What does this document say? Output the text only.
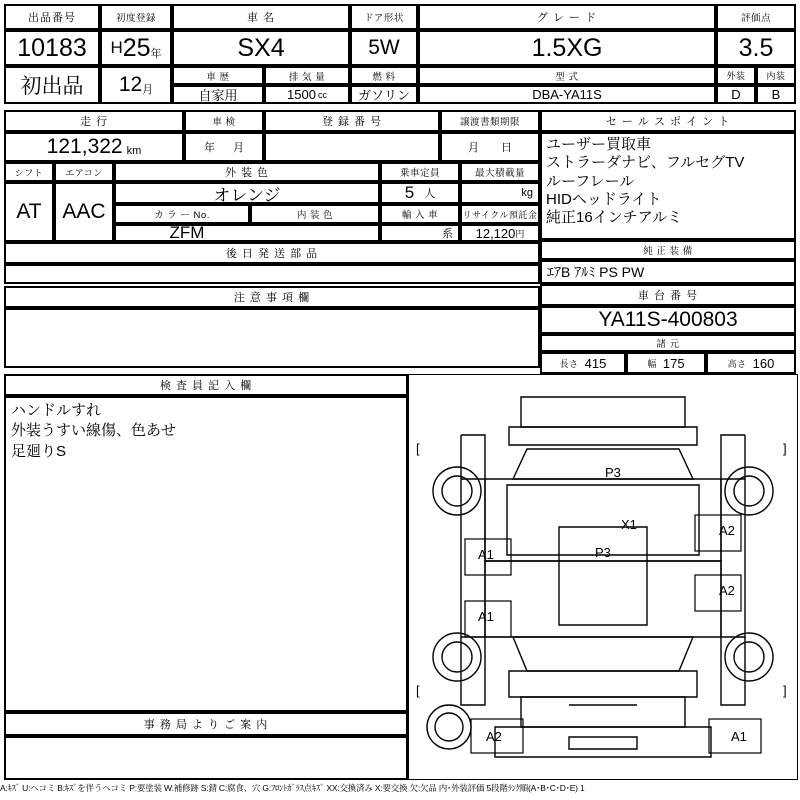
出品番号
10183
初出品
初度登録
H 25 年
12 月
車 名
SX4
ドア形状
5W
グ レ ー ド
1.5XG
評価点
3.5
車 歴
自家用
排 気 量
1500 cc
燃 料
ガソリン
型 式
DBA-YA11S
外装 内装
D B
走 行
121,322 km
車 検
年 月
登 録 番 号	譲渡書類期限
月 日
シフト エアコン
AT AAC
外 装 色
オレンジ
乗車定員
5 人
最大積載量
kg
カ ラ ー No.	内 装 色
ZFM
輸 入 車
系
リサイクル預託金
12,120 円
後 日 発 送 部 品
注 意 事 項 欄
セ ー ル ス ポ イ ン ト
ユーザー買取車
ストラーダナビ、フルセグTV
ルーフレール
HIDヘッドライト
純正16インチアルミ
純 正 装 備
ｴｱB ｱﾙﾐ PS PW
車 台 番 号
YA11S-400803
諸 元
長さ 415	幅 175	高さ 160
検 査 員 記 入 欄
ハンドルすれ
外装うすい線傷、色あせ
足廻りS
事 務 局 よ り ご 案 内
P3
X1	A2
A1	P3
A2
A1
A2	A1
[
[
]
]
A:ｷｽﾞ U:ヘコミ B:ｷｽﾞを伴うヘコミ P:要塗装 W:補修跡 S:錆 C:腐食、穴 G:ﾌﾛﾝﾄｶﾞﾗｽ点ｷｽﾞ XX:交換済み X:要交換 欠:欠品 内･外装評価 5段階ﾗﾝｸ順(A･B･C･D･E) 1
